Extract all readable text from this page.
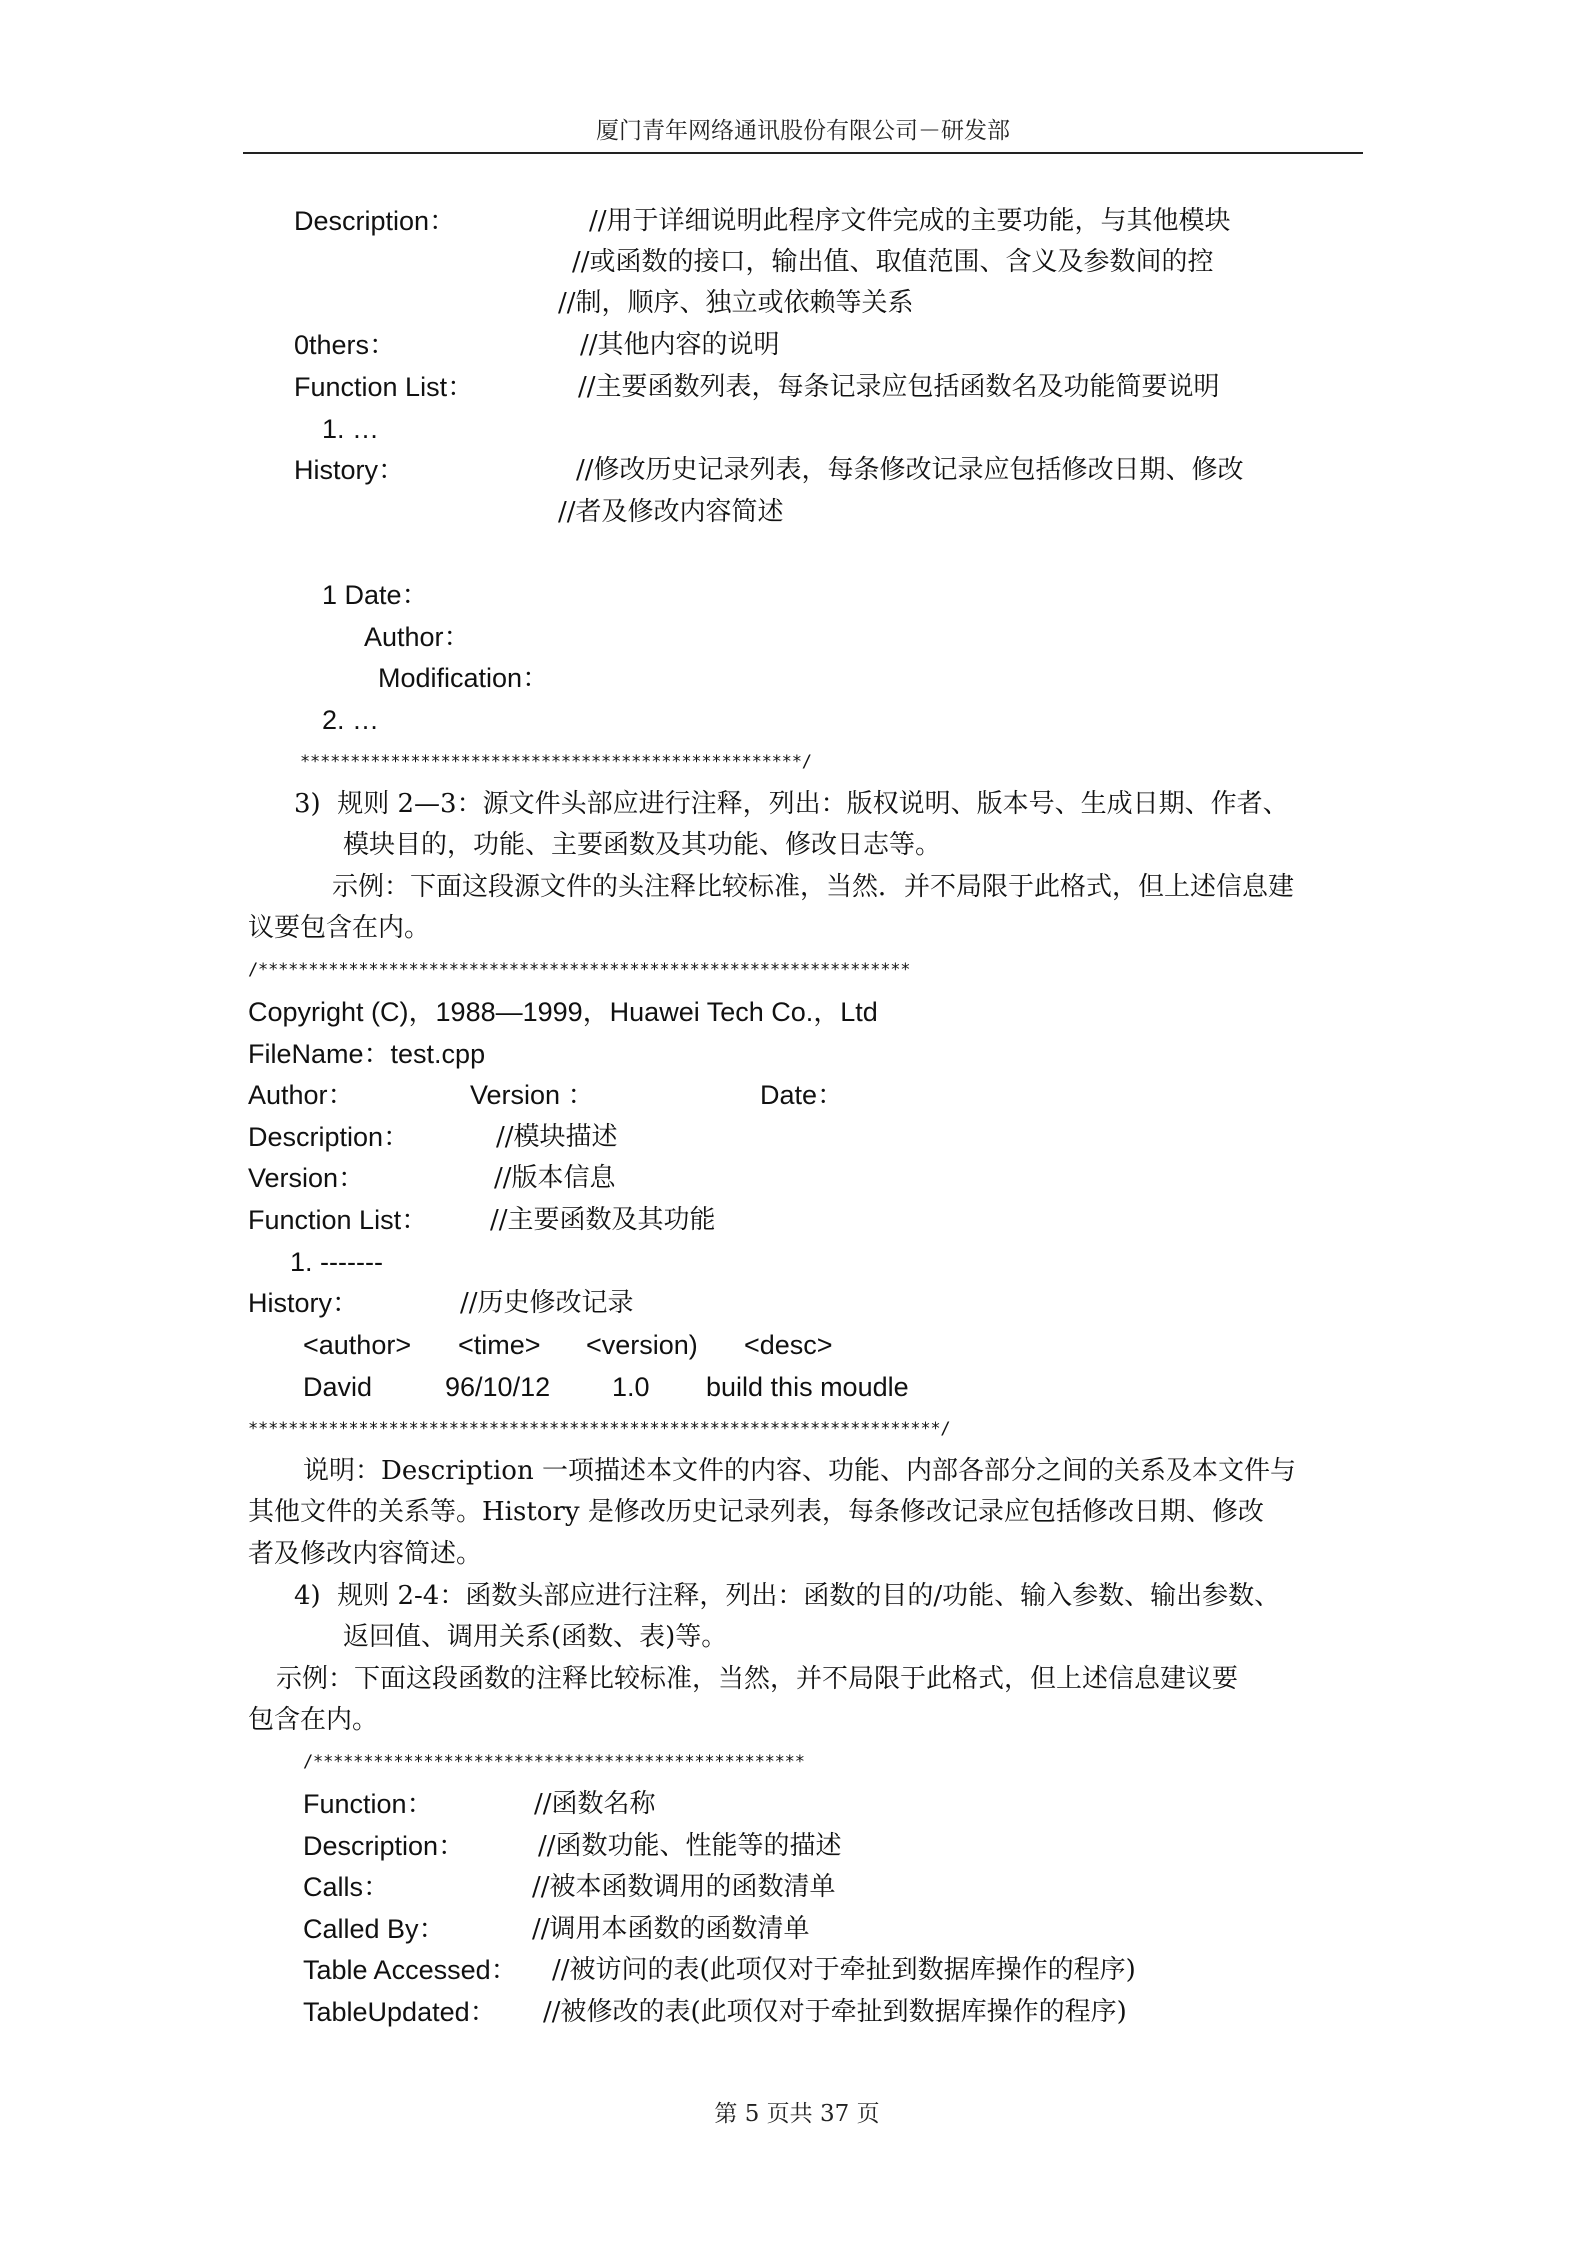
厦门青年网络通讯股份有限公司－研发部
Description：	//用于详细说明此程序文件完成的主要功能，与其他模块
//或函数的接口，输出值、取值范围、含义及参数间的控
//制，顺序、独立或依赖等关系
0thers：	//其他内容的说明
Function List：	//主要函数列表，每条记录应包括函数名及功能简要说明
1. …
History：	//修改历史记录列表，每条修改记录应包括修改日期、修改
//者及修改内容简述
1 Date：
Author：
Modification：
2. …
**************************************************/
3)  规则 2—3：源文件头部应进行注释，列出：版权说明、版本号、生成日期、作者、
模块目的，功能、主要函数及其功能、修改日志等。
示例：下面这段源文件的头注释比较标准，当然．并不局限于此格式，但上述信息建
议要包含在内。
/*****************************************************************
Copyright (C)，1988—1999，Huawei Tech Co.，Ltd
FileName：test.cpp
Author：	Version ：	Date：
Description：	//模块描述
Version：	//版本信息
Function List： //主要函数及其功能
1. -------
History：	//历史修改记录
<author> <time> <version) <desc>
David	96/10/12 1.0 build this moudle
*********************************************************************/
说明：Description 一项描述本文件的内容、功能、内部各部分之间的关系及本文件与
其他文件的关系等。History 是修改历史记录列表，每条修改记录应包括修改日期、修改
者及修改内容简述。
4)  规则 2-4：函数头部应进行注释，列出：函数的目的/功能、输入参数、输出参数、
返回值、调用关系(函数、表)等。
示例：下面这段函数的注释比较标准，当然，并不局限于此格式，但上述信息建议要
包含在内。
/*************************************************
Function：	//函数名称
Description：	//函数功能、性能等的描述
Calls：	//被本函数调用的函数清单
Called By：	//调用本函数的函数清单
Table Accessed： //被访问的表(此项仅对于牵扯到数据库操作的程序)
TableUpdated： //被修改的表(此项仅对于牵扯到数据库操作的程序)
第 5 页共 37 页
